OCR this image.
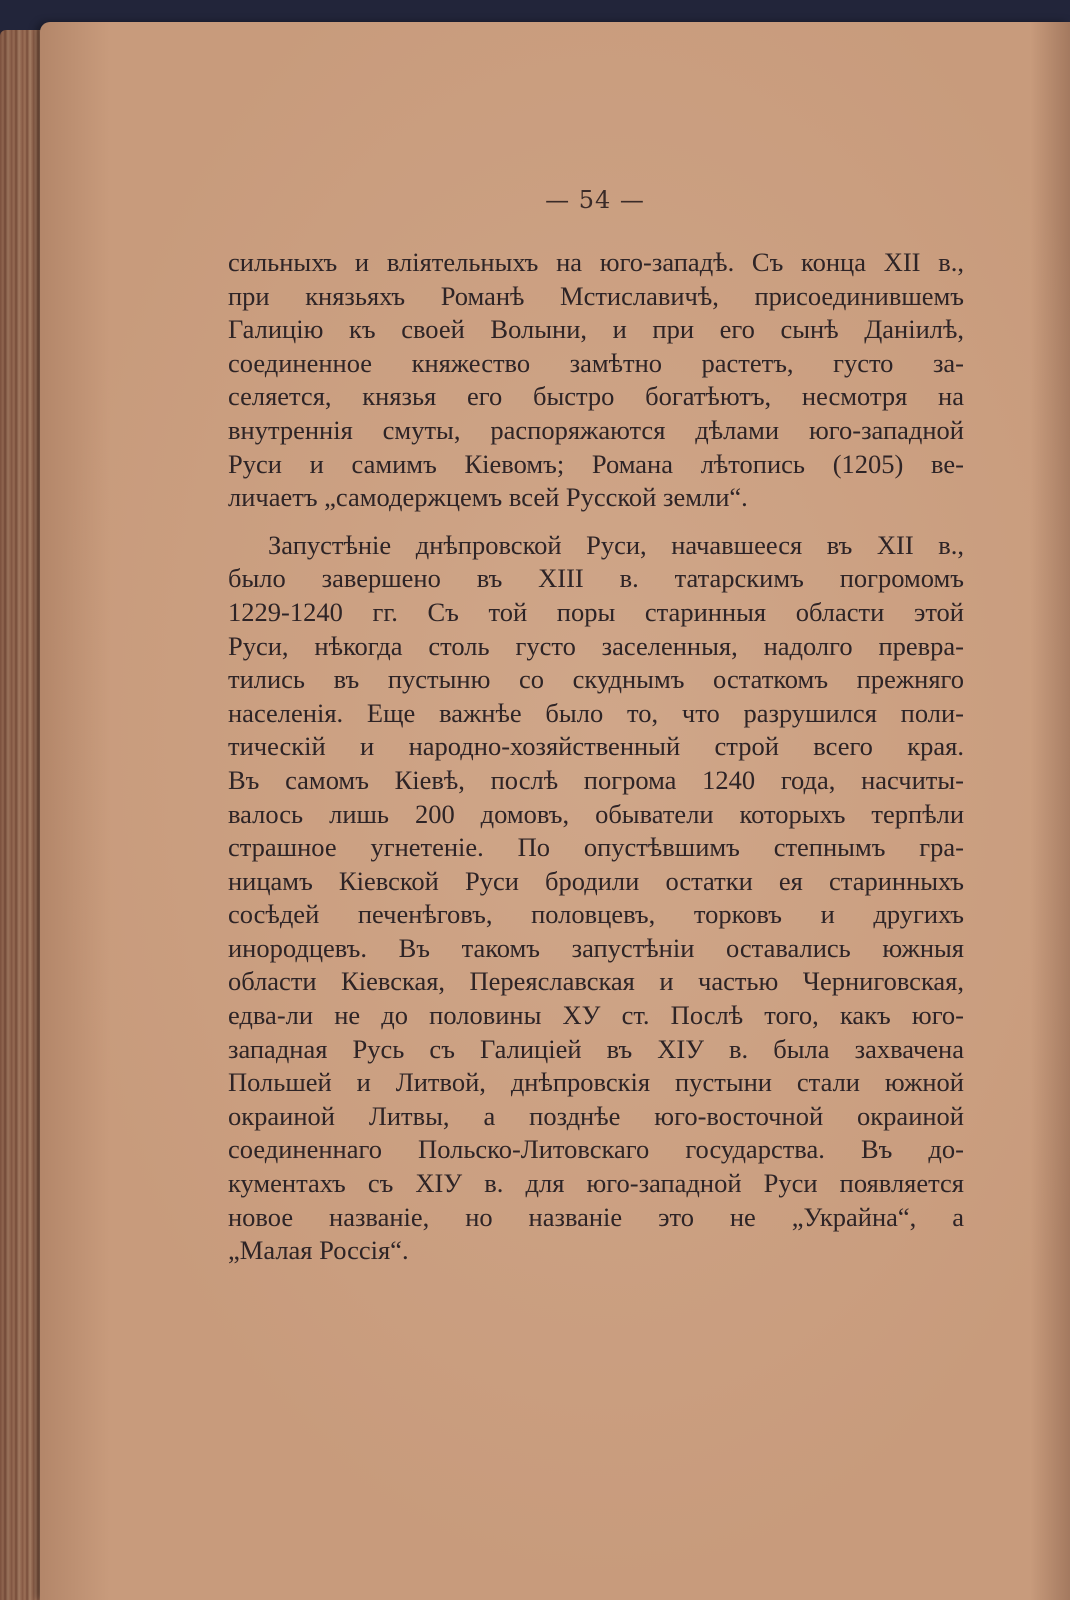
— 54 —
сильныхъ и влiятельныхъ на юго-западѣ. Съ конца XII в.,
при князьяхъ Романѣ Мстиславичѣ, присоединившемъ
Галицiю къ своей Волыни, и при его сынѣ Данiилѣ,
соединенное княжество замѣтно растетъ, густо за-
селяется, князья его быстро богатѣютъ, несмотря на
внутреннiя смуты, распоряжаются дѣлами юго-западной
Руси и самимъ Кiевомъ; Романа лѣтопись (1205) ве-
личаетъ „самодержцемъ всей Русской земли“.
Запустѣнiе днѣпровской Руси, начавшееся въ XII в.,
было завершено въ XIII в. татарскимъ погромомъ
1229-1240 гг. Съ той поры старинныя области этой
Руси, нѣкогда столь густо заселенныя, надолго превра-
тились въ пустыню со скуднымъ остаткомъ прежняго
населенiя. Еще важнѣе было то, что разрушился поли-
тическiй и народно-хозяйственный строй всего края.
Въ самомъ Кiевѣ, послѣ погрома 1240 года, насчиты-
валось лишь 200 домовъ, обыватели которыхъ терпѣли
страшное угнетенiе. По опустѣвшимъ степнымъ гра-
ницамъ Кiевской Руси бродили остатки ея старинныхъ
сосѣдей печенѣговъ, половцевъ, торковъ и другихъ
инородцевъ. Въ такомъ запустѣнiи оставались южныя
области Кiевская, Переяславская и частью Черниговская,
едва-ли не до половины XУ ст. Послѣ того, какъ юго-
западная Русь съ Галицiей въ XIУ в. была захвачена
Польшей и Литвой, днѣпровскiя пустыни стали южной
окраиной Литвы, а позднѣе юго-восточной окраиной
соединеннаго Польско-Литовскаго государства. Въ до-
кументахъ съ XIУ в. для юго-западной Руси появляется
новое названiе, но названiе это не „Украйна“, а
„Малая Россiя“.
